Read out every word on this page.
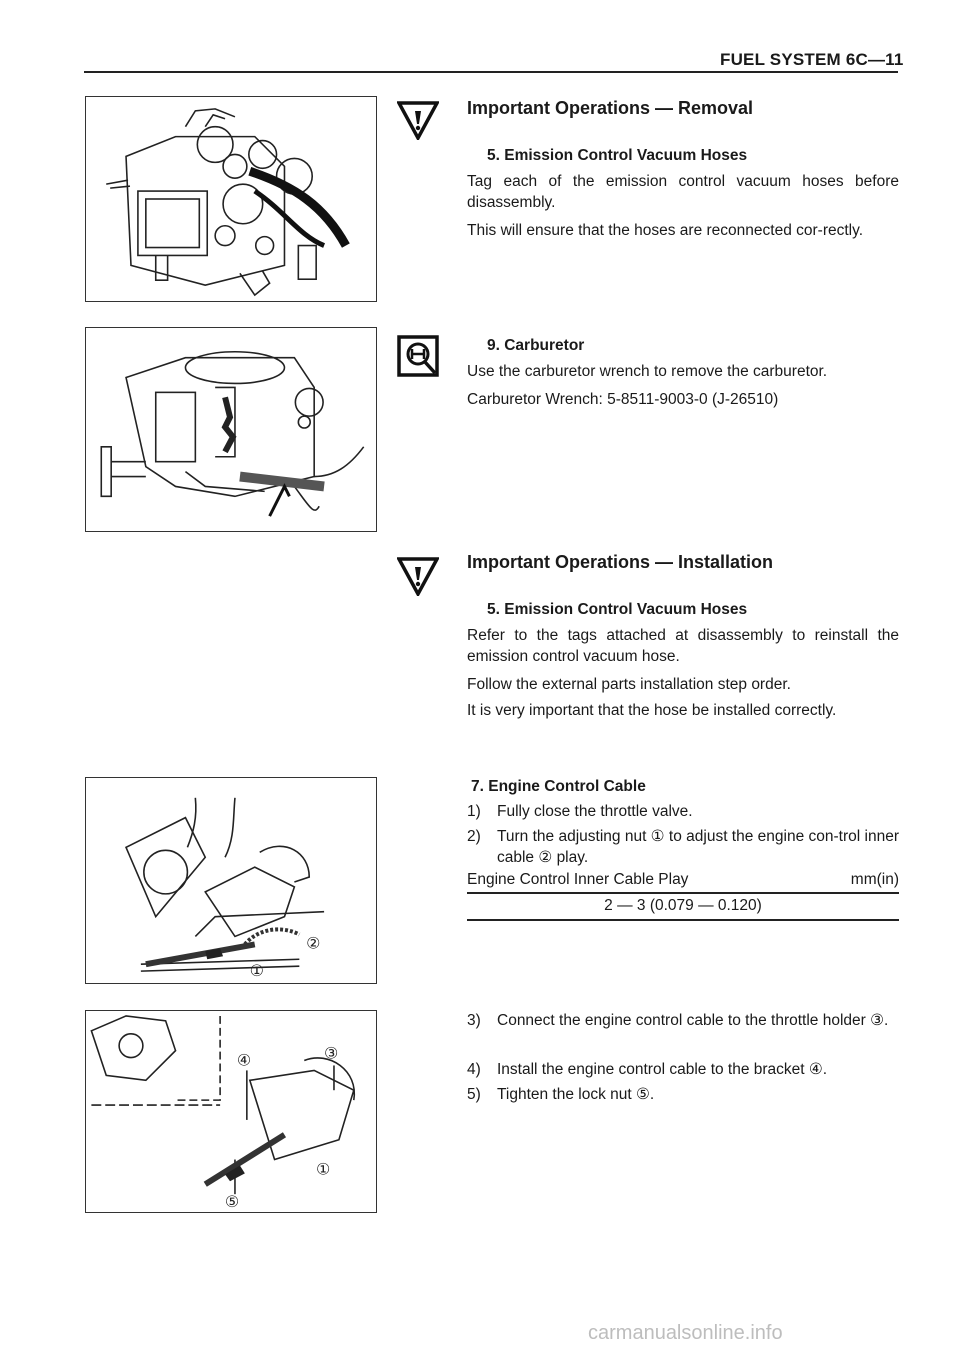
FUEL SYSTEM 6C—11
①
②
④	③
①
⑤
Important Operations — Removal
5. Emission Control Vacuum Hoses
Tag each of the emission control vacuum hoses before disassembly.
This will ensure that the hoses are reconnected cor-rectly.
9. Carburetor
Use the carburetor wrench to remove the carburetor.
Carburetor Wrench: 5-8511-9003-0 (J-26510)
Important Operations — Installation
5. Emission Control Vacuum Hoses
Refer to the tags attached at disassembly to reinstall the emission control vacuum hose.
Follow the external parts installation step order.
It is very important that the hose be installed correctly.
7. Engine Control Cable
1) Fully close the throttle valve.
2) Turn the adjusting nut ① to adjust the engine con-trol inner cable ② play.
Engine Control Inner Cable Play	mm(in)
2 — 3 (0.079 — 0.120)
3) Connect the engine control cable to the throttle holder ③.
4) Install the engine control cable to the bracket ④.
5) Tighten the lock nut ⑤.
carmanualsonline.info
